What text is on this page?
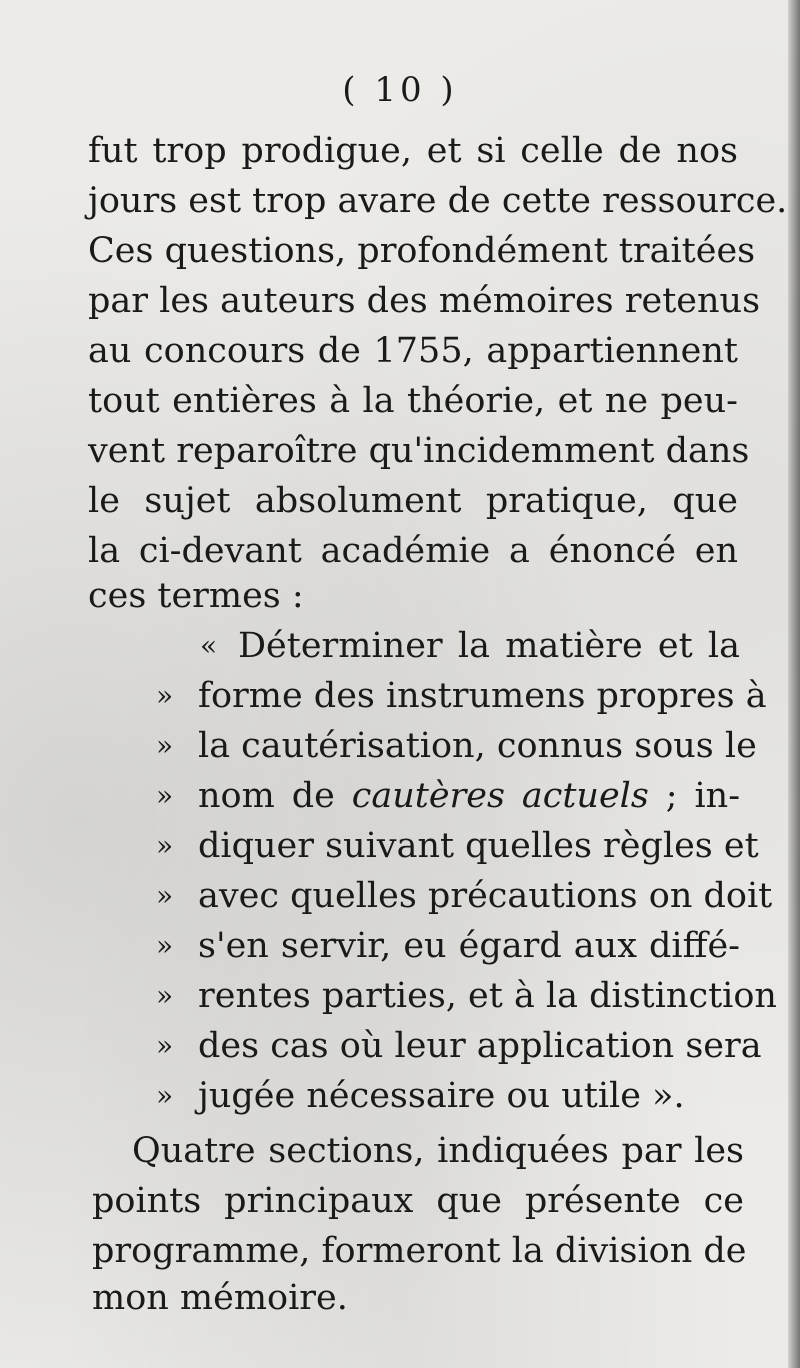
( 10 )
fut trop prodigue, et si celle de nos
jours est trop avare de cette ressource.
Ces questions, profondément traitées
par les auteurs des mémoires retenus
au concours de 1755, appartiennent
tout entières à la théorie, et ne peu-
vent reparoître qu'incidemment dans
le sujet absolument pratique, que
la ci-devant académie a énoncé en
ces termes :
« Déterminer la matière et la
» forme des instrumens propres à
» la cautérisation, connus sous le
» nom de cautères actuels ; in-
» diquer suivant quelles règles et
» avec quelles précautions on doit
» s'en servir, eu égard aux diffé-
» rentes parties, et à la distinction
» des cas où leur application sera
» jugée nécessaire ou utile ».
Quatre sections, indiquées par les
points principaux que présente ce
programme, formeront la division de
mon mémoire.
